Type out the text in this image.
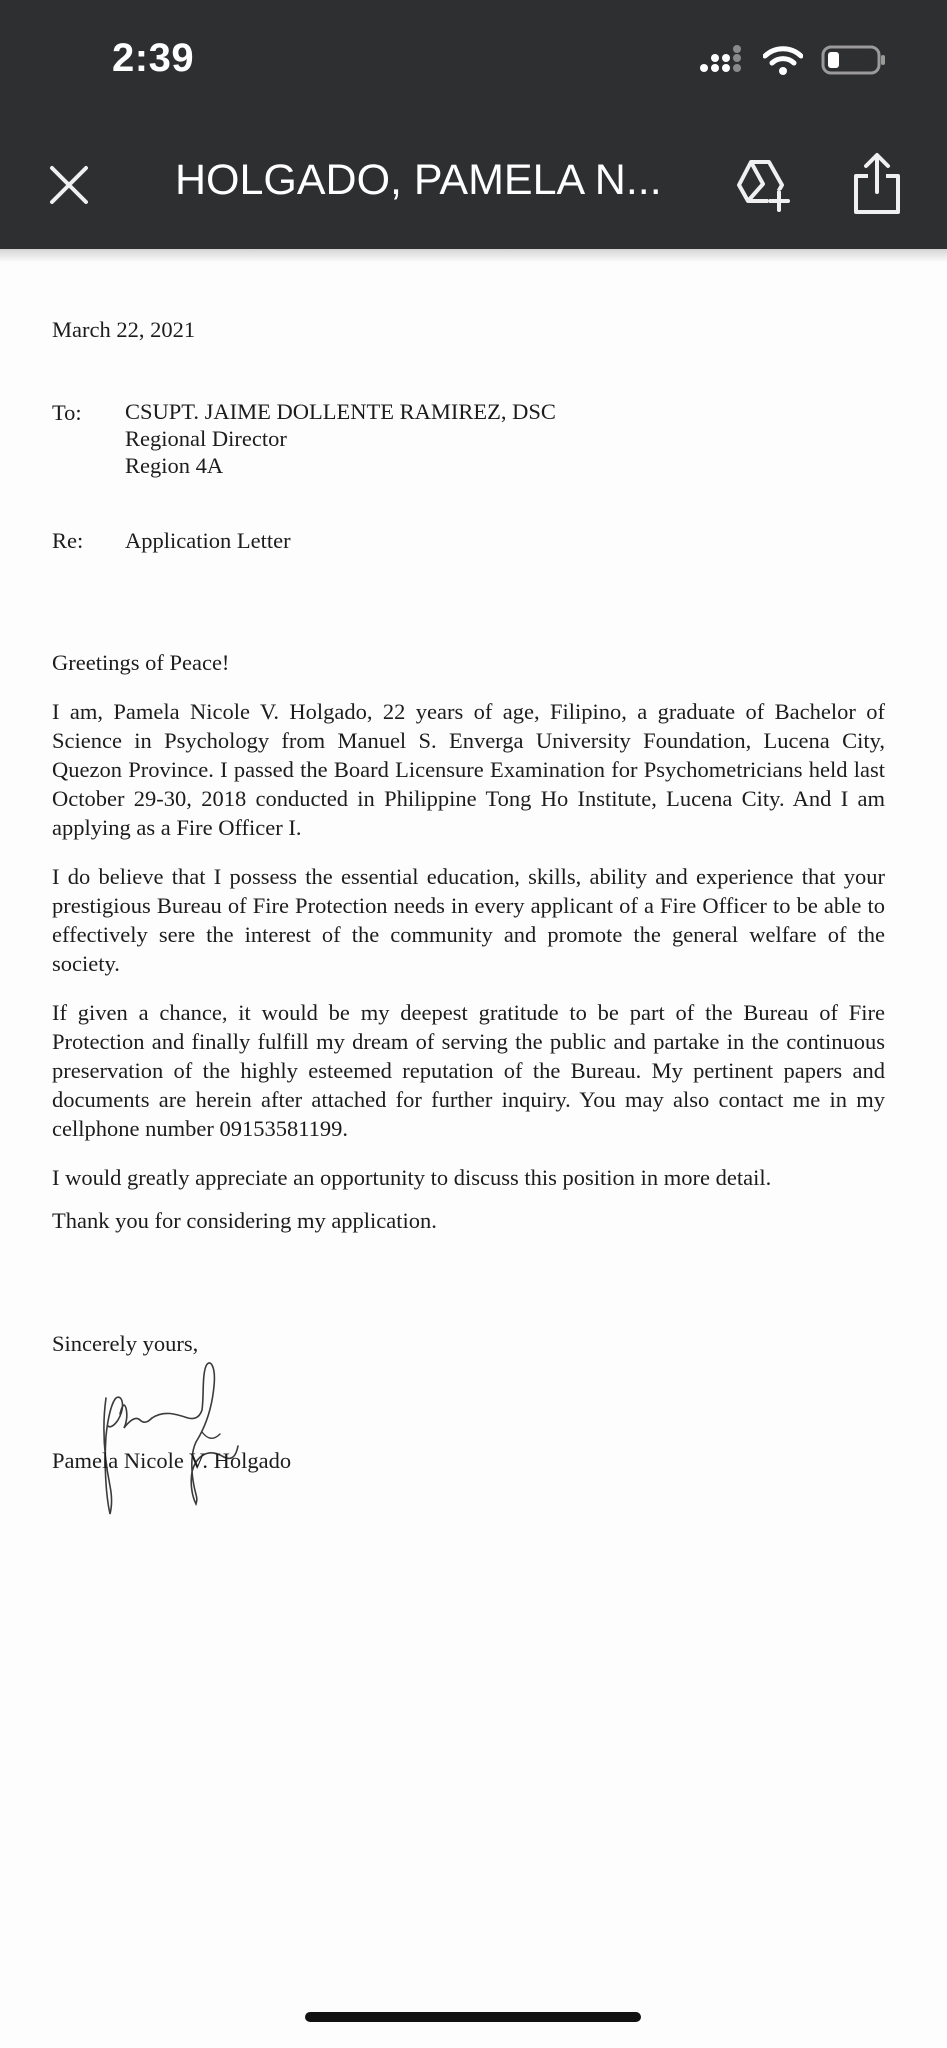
2:39
HOLGADO, PAMELA N...
March 22, 2021
To:	CSUPT. JAIME DOLLENTE RAMIREZ, DSC
Regional Director
Region 4A
Re:	Application Letter
Greetings of Peace!

I am, Pamela Nicole V. Holgado, 22 years of age, Filipino, a graduate of Bachelor of Science in Psychology from Manuel S. Enverga University Foundation, Lucena City, Quezon Province. I passed the Board Licensure Examination for Psychometricians held last October 29-30, 2018 conducted in Philippine Tong Ho Institute, Lucena City. And I am applying as a Fire Officer I.

I do believe that I possess the essential education, skills, ability and experience that your prestigious Bureau of Fire Protection needs in every applicant of a Fire Officer to be able to effectively sere the interest of the community and promote the general welfare of the society.

If given a chance, it would be my deepest gratitude to be part of the Bureau of Fire Protection and finally fulfill my dream of serving the public and partake in the continuous preservation of the highly esteemed reputation of the Bureau. My pertinent papers and documents are herein after attached for further inquiry. You may also contact me in my cellphone number 09153581199.

I would greatly appreciate an opportunity to discuss this position in more detail.

Thank you for considering my application.

Sincerely yours,
Pamela Nicole V. Holgado
